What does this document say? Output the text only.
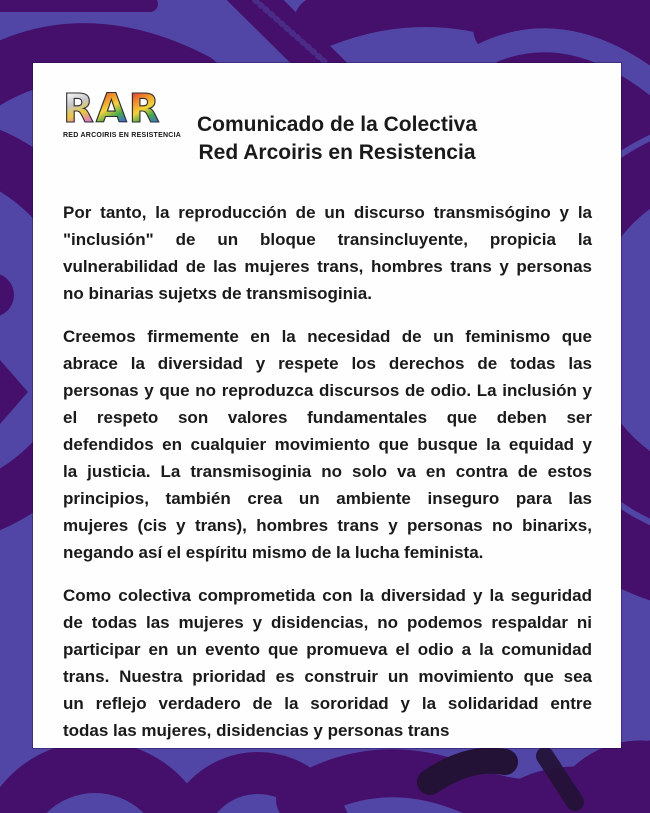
R A R
RED ARCOIRIS EN RESISTENCIA Comunicado de la Colectiva
Red Arcoiris en Resistencia
Por tanto, la reproducción de un discurso transmisógino y la
"inclusión" de un bloque transincluyente, propicia la
vulnerabilidad de las mujeres trans, hombres trans y personas
no binarias sujetxs de transmisoginia.
Creemos firmemente en la necesidad de un feminismo que
abrace la diversidad y respete los derechos de todas las
personas y que no reproduzca discursos de odio. La inclusión y
el respeto son valores fundamentales que deben ser
defendidos en cualquier movimiento que busque la equidad y
la justicia. La transmisoginia no solo va en contra de estos
principios, también crea un ambiente inseguro para las
mujeres (cis y trans), hombres trans y personas no binarixs,
negando así el espíritu mismo de la lucha feminista.
Como colectiva comprometida con la diversidad y la seguridad
de todas las mujeres y disidencias, no podemos respaldar ni
participar en un evento que promueva el odio a la comunidad
trans. Nuestra prioridad es construir un movimiento que sea
un reflejo verdadero de la sororidad y la solidaridad entre
todas las mujeres, disidencias y personas trans
